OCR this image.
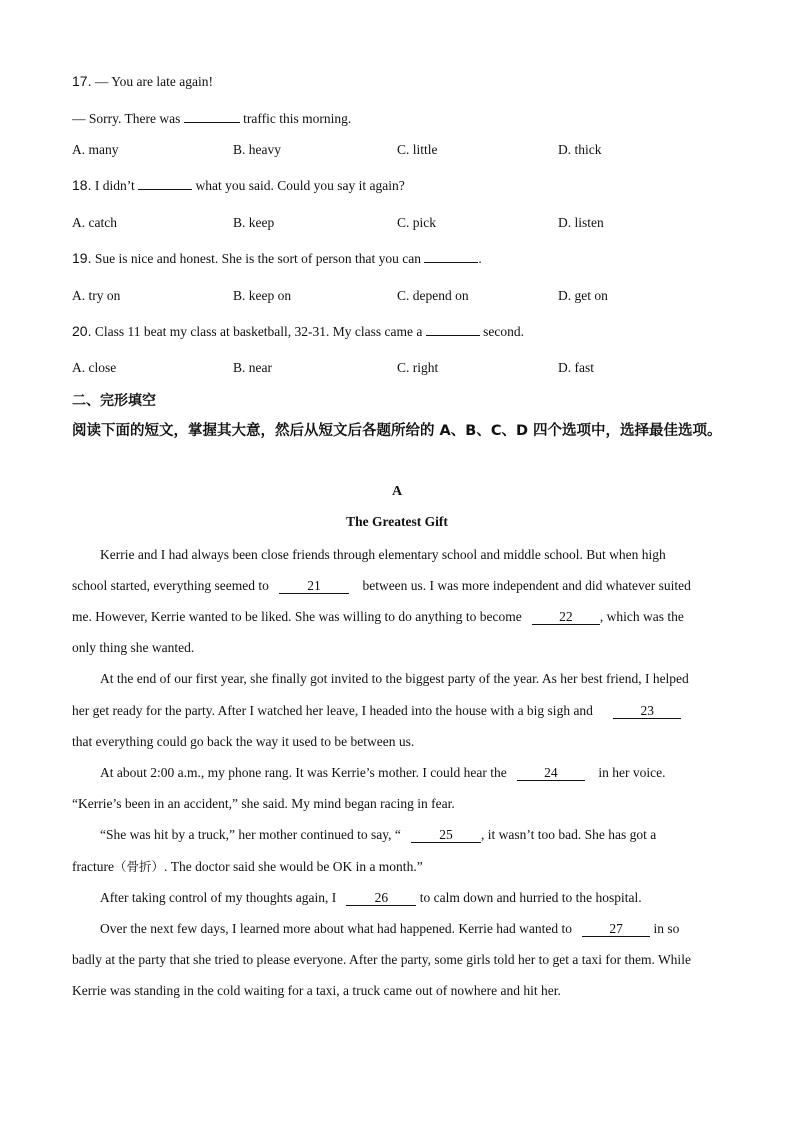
17. — You are late again!
— Sorry. There was	traffic this morning.
A. many	B. heavy	C. little	D. thick
18. I didn’t	what you said. Could you say it again?
A. catch	B. keep	C. pick	D. listen
19. Sue is nice and honest. She is the sort of person that you can	.
A. try on	B. keep on	C. depend on	D. get on
20. Class 11 beat my class at basketball, 32-31. My class came a	second.
A. close	B. near	C. right	D. fast
二、完形填空
阅读下面的短文，掌握其大意，然后从短文后各题所给的 A、B、C、D 四个选项中，选择最佳选项。
A
The Greatest Gift
Kerrie and I had always been close friends through elementary school and middle school. But when high
school started, everything seemed to	21	between us. I was more independent and did whatever suited
me. However, Kerrie wanted to be liked. She was willing to do anything to become	22 , which was the
only thing she wanted.
At the end of our first year, she finally got invited to the biggest party of the year. As her best friend, I helped
her get ready for the party. After I watched her leave, I headed into the house with a big sigh and	23
that everything could go back the way it used to be between us.
At about 2:00 a.m., my phone rang. It was Kerrie’s mother. I could hear the	24	in her voice.
“Kerrie’s been in an accident,” she said. My mind began racing in fear.
“She was hit by a truck,” her mother continued to say, “	25 , it wasn’t too bad. She has got a
fracture（骨折）. The doctor said she would be OK in a month.”
After taking control of my thoughts again, I	26 to calm down and hurried to the hospital.
Over the next few days, I learned more about what had happened. Kerrie had wanted to	27 in so
badly at the party that she tried to please everyone. After the party, some girls told her to get a taxi for them. While
Kerrie was standing in the cold waiting for a taxi, a truck came out of nowhere and hit her.
